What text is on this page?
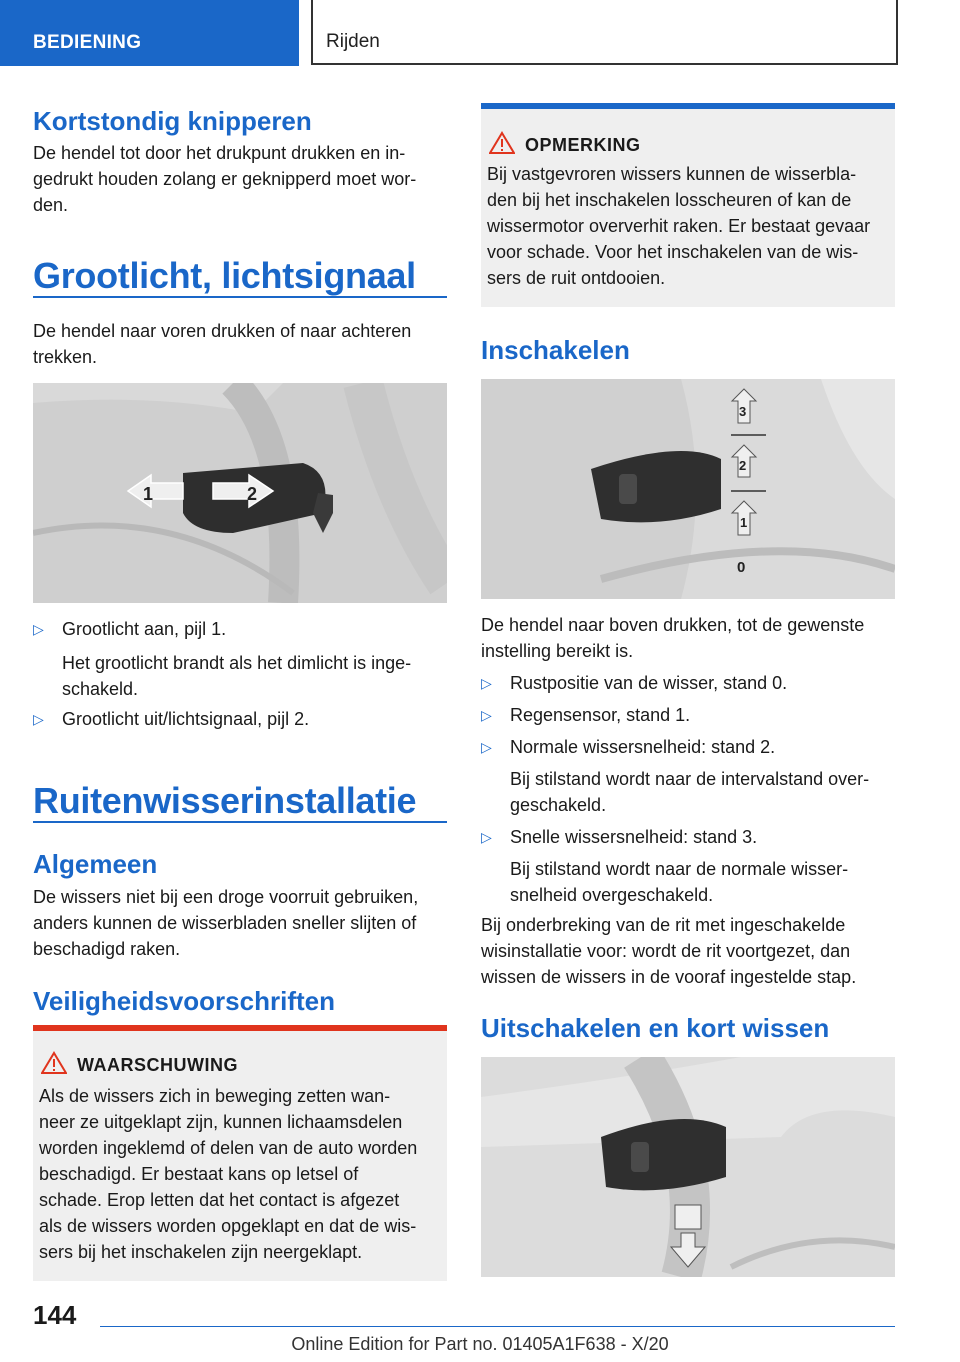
BEDIENING	Rijden
Kortstondig knipperen
De hendel tot door het drukpunt drukken en in-
gedrukt houden zolang er geknipperd moet wor-
den.
Grootlicht, lichtsignaal
De hendel naar voren drukken of naar achteren
trekken.
1	2
▷ Grootlicht aan, pijl 1.
Het grootlicht brandt als het dimlicht is inge-
schakeld.
▷ Grootlicht uit/lichtsignaal, pijl 2.
Ruitenwisserinstallatie
Algemeen
De wissers niet bij een droge voorruit gebruiken,
anders kunnen de wisserbladen sneller slijten of
beschadigd raken.
Veiligheidsvoorschriften
WAARSCHUWING
Als de wissers zich in beweging zetten wan-
neer ze uitgeklapt zijn, kunnen lichaamsdelen
worden ingeklemd of delen van de auto worden
beschadigd. Er bestaat kans op letsel of
schade. Erop letten dat het contact is afgezet
als de wissers worden opgeklapt en dat de wis-
sers bij het inschakelen zijn neergeklapt.
OPMERKING
Bij vastgevroren wissers kunnen de wisserbla-
den bij het inschakelen losscheuren of kan de
wissermotor oververhit raken. Er bestaat gevaar
voor schade. Voor het inschakelen van de wis-
sers de ruit ontdooien.
Inschakelen
3
2
1
0
De hendel naar boven drukken, tot de gewenste
instelling bereikt is.
▷ Rustpositie van de wisser, stand 0.
▷ Regensensor, stand 1.
▷ Normale wissersnelheid: stand 2.
Bij stilstand wordt naar de intervalstand over-
geschakeld.
▷ Snelle wissersnelheid: stand 3.
Bij stilstand wordt naar de normale wisser-
snelheid overgeschakeld.
Bij onderbreking van de rit met ingeschakelde
wisinstallatie voor: wordt de rit voortgezet, dan
wissen de wissers in de vooraf ingestelde stap.
Uitschakelen en kort wissen
144
Online Edition for Part no. 01405A1F638 - X/20
